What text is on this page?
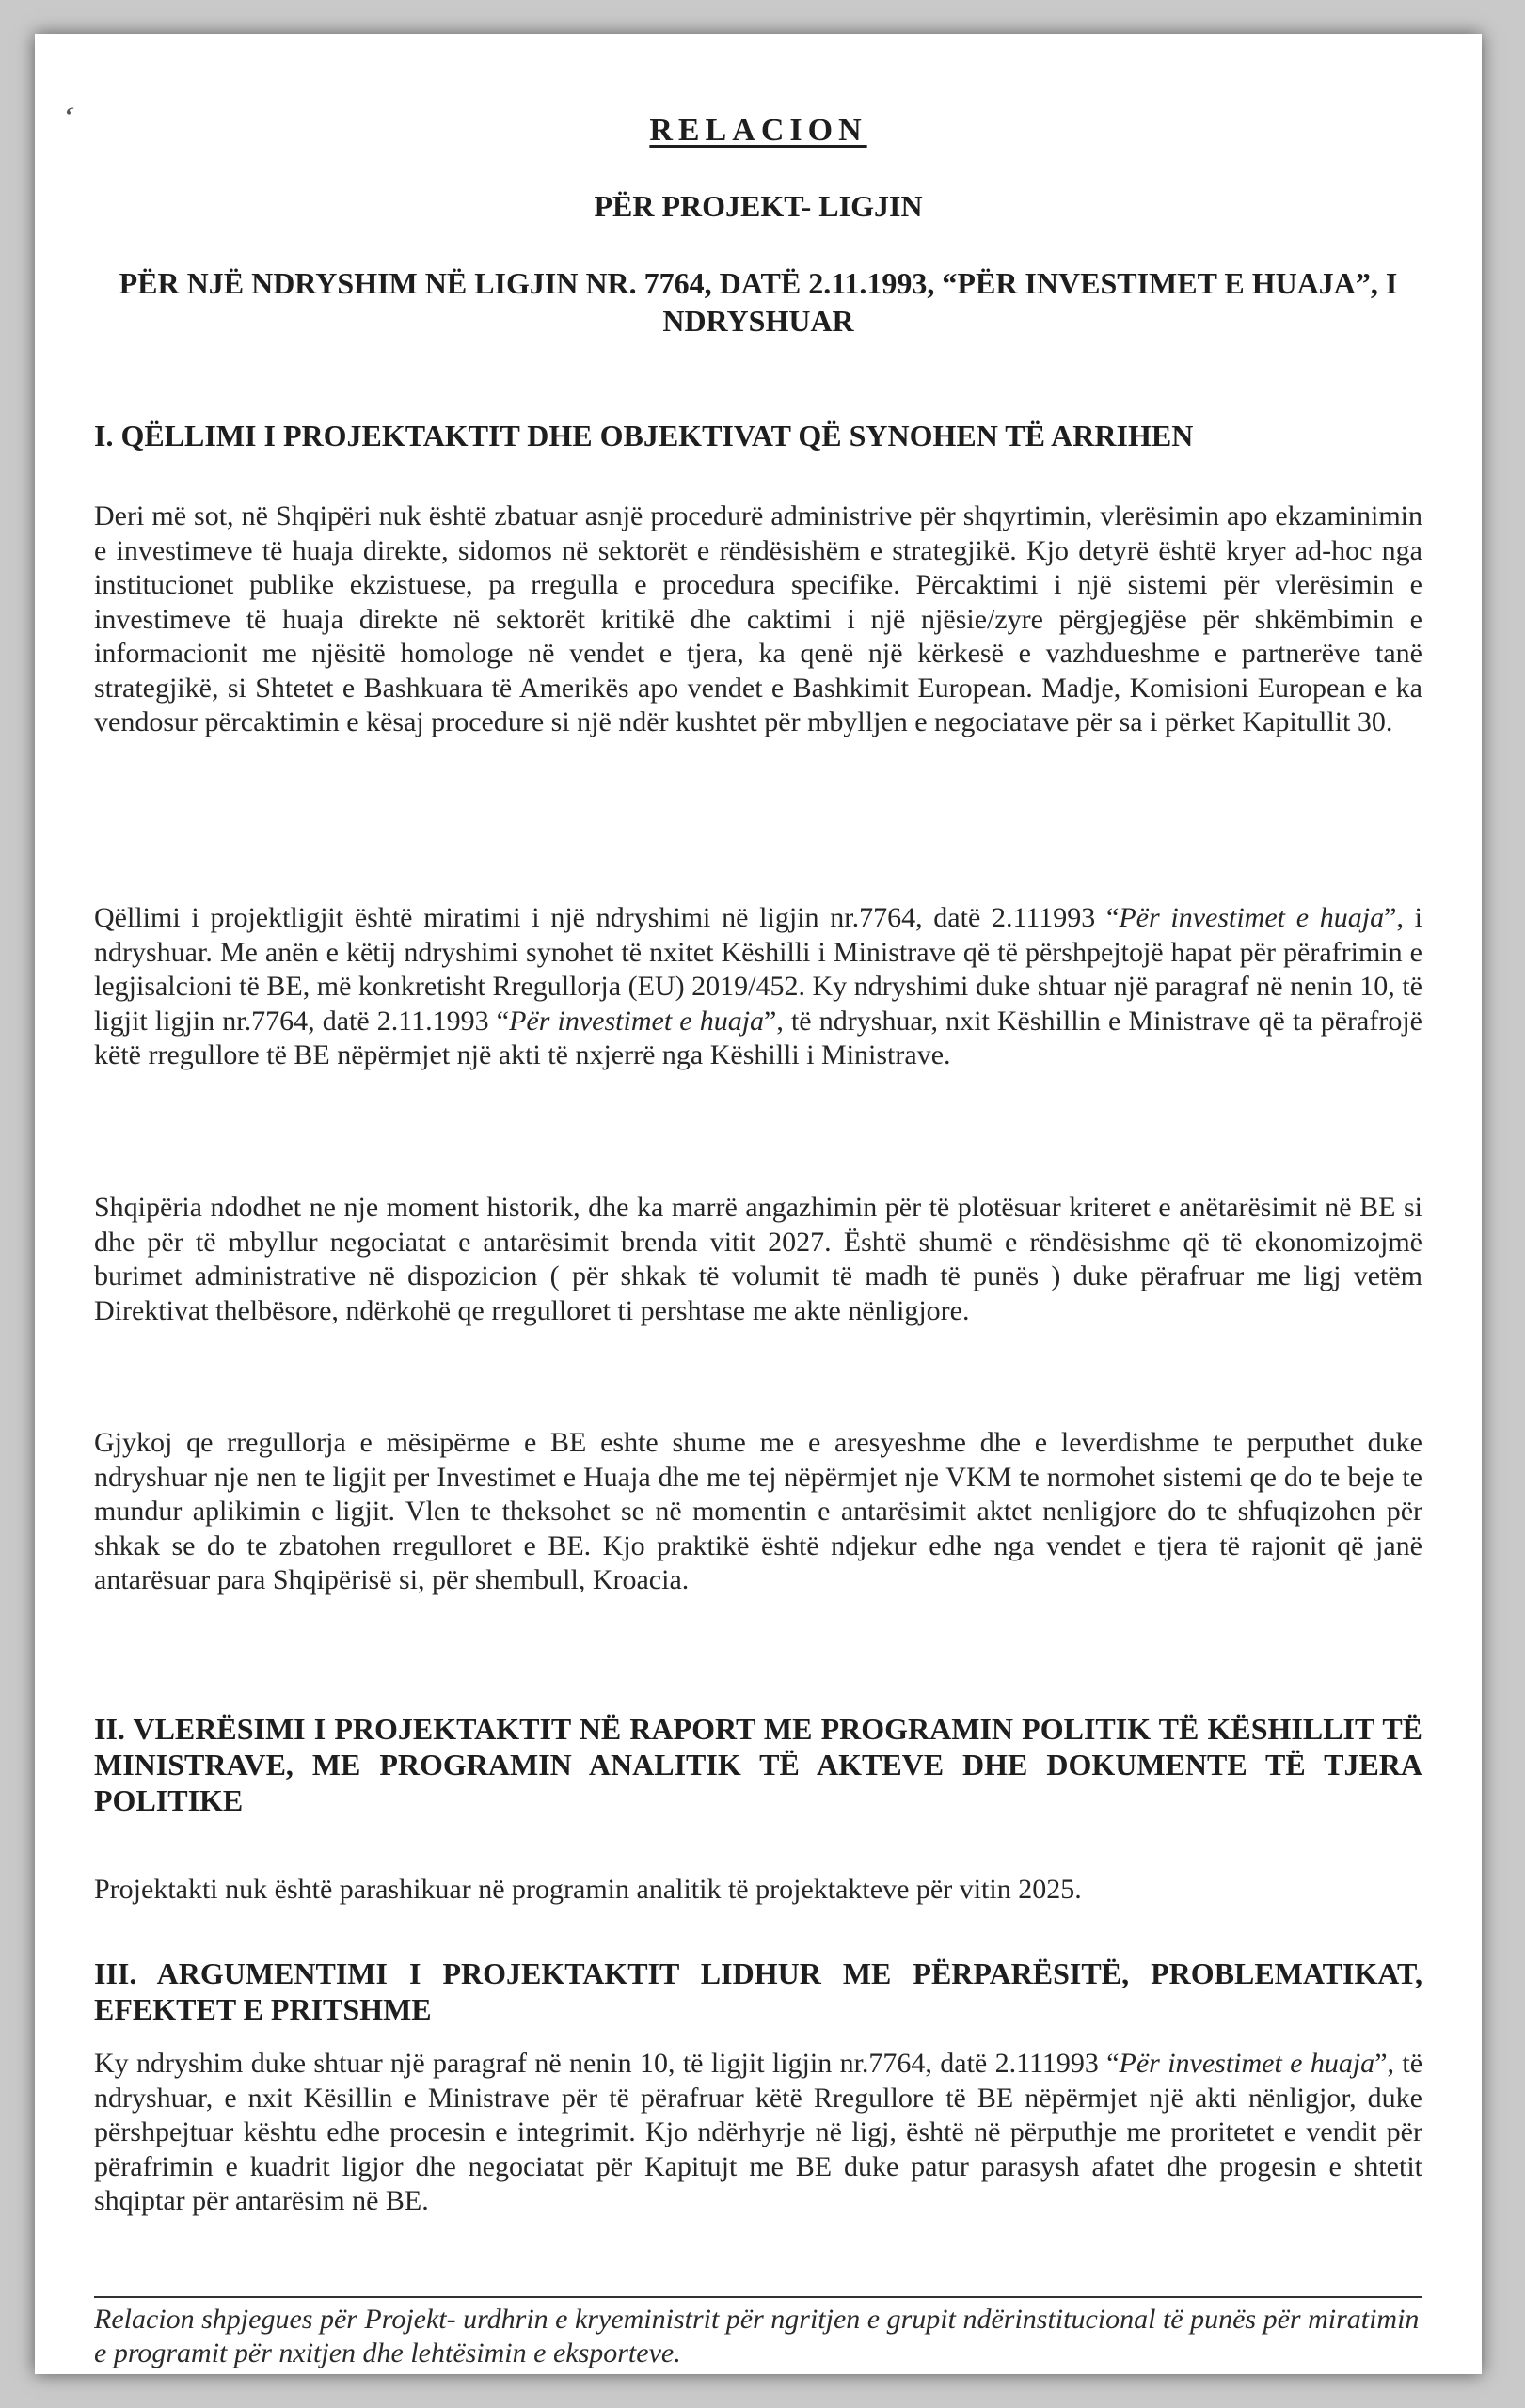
‘	RELACION
PËR PROJEKT- LIGJIN
PËR NJË NDRYSHIM NË LIGJIN NR. 7764, DATË 2.11.1993, “PËR INVESTIMET E HUAJA”, I NDRYSHUAR
I. QËLLIMI I PROJEKTAKTIT DHE OBJEKTIVAT QË SYNOHEN TË ARRIHEN
Deri më sot, në Shqipëri nuk është zbatuar asnjë procedurë administrive për shqyrtimin, vlerësimin apo ekzaminimin e investimeve të huaja direkte, sidomos në sektorët e rëndësishëm e strategjikë. Kjo detyrë është kryer ad-hoc nga institucionet publike ekzistuese, pa rregulla e procedura specifike. Përcaktimi i një sistemi për vlerësimin e investimeve të huaja direkte në sektorët kritikë dhe caktimi i një njësie/zyre përgjegjëse për shkëmbimin e informacionit me njësitë homologe në vendet e tjera, ka qenë një kërkesë e vazhdueshme e partnerëve tanë strategjikë, si Shtetet e Bashkuara të Amerikës apo vendet e Bashkimit European. Madje, Komisioni European e ka vendosur përcaktimin e kësaj procedure si një ndër kushtet për mbylljen e negociatave për sa i përket Kapitullit 30.
Qëllimi i projektligjit është miratimi i një ndryshimi në ligjin nr.7764, datë 2.111993 “Për investimet e huaja”, i ndryshuar. Me anën e këtij ndryshimi synohet të nxitet Këshilli i Ministrave që të përshpejtojë hapat për përafrimin e legjisalcioni të BE, më konkretisht Rregullorja (EU) 2019/452. Ky ndryshimi duke shtuar një paragraf në nenin 10, të ligjit ligjin nr.7764, datë 2.11.1993 “Për investimet e huaja”, të ndryshuar, nxit Këshillin e Ministrave që ta përafrojë këtë rregullore të BE nëpërmjet një akti të nxjerrë nga Këshilli i Ministrave.
Shqipëria ndodhet ne nje moment historik, dhe ka marrë angazhimin për të plotësuar kriteret e anëtarësimit në BE si dhe për të mbyllur negociatat e antarësimit brenda vitit 2027. Është shumë e rëndësishme që të ekonomizojmë burimet administrative në dispozicion ( për shkak të volumit të madh të punës ) duke përafruar me ligj vetëm Direktivat thelbësore, ndërkohë qe rregulloret ti pershtase me akte nënligjore.
Gjykoj qe rregullorja e mësipërme e BE eshte shume me e aresyeshme dhe e leverdishme te perputhet duke ndryshuar nje nen te ligjit per Investimet e Huaja dhe me tej nëpërmjet nje VKM te normohet sistemi qe do te beje te mundur aplikimin e ligjit. Vlen te theksohet se në momentin e antarësimit aktet nenligjore do te shfuqizohen për shkak se do te zbatohen rregulloret e BE. Kjo praktikë është ndjekur edhe nga vendet e tjera të rajonit që janë antarësuar para Shqipërisë si, për shembull, Kroacia.
II. VLERËSIMI I PROJEKTAKTIT NË RAPORT ME PROGRAMIN POLITIK TË KËSHILLIT TË MINISTRAVE, ME PROGRAMIN ANALITIK TË AKTEVE DHE DOKUMENTE TË TJERA POLITIKE
Projektakti nuk është parashikuar në programin analitik të projektakteve për vitin 2025.
III. ARGUMENTIMI I PROJEKTAKTIT LIDHUR ME PËRPARËSITË, PROBLEMATIKAT, EFEKTET E PRITSHME
Ky ndryshim duke shtuar një paragraf në nenin 10, të ligjit ligjin nr.7764, datë 2.111993 “Për investimet e huaja”, të ndryshuar, e nxit Kësillin e Ministrave për të përafruar këtë Rregullore të BE nëpërmjet një akti nënligjor, duke përshpejtuar kështu edhe procesin e integrimit. Kjo ndërhyrje në ligj, është në përputhje me proritetet e vendit për përafrimin e kuadrit ligjor dhe negociatat për Kapitujt me BE duke patur parasysh afatet dhe progesin e shtetit shqiptar për antarësim në BE.
Relacion shpjegues për Projekt- urdhrin e kryeministrit për ngritjen e grupit ndërinstitucional të punës për miratimin e programit për nxitjen dhe lehtësimin e eksporteve.
